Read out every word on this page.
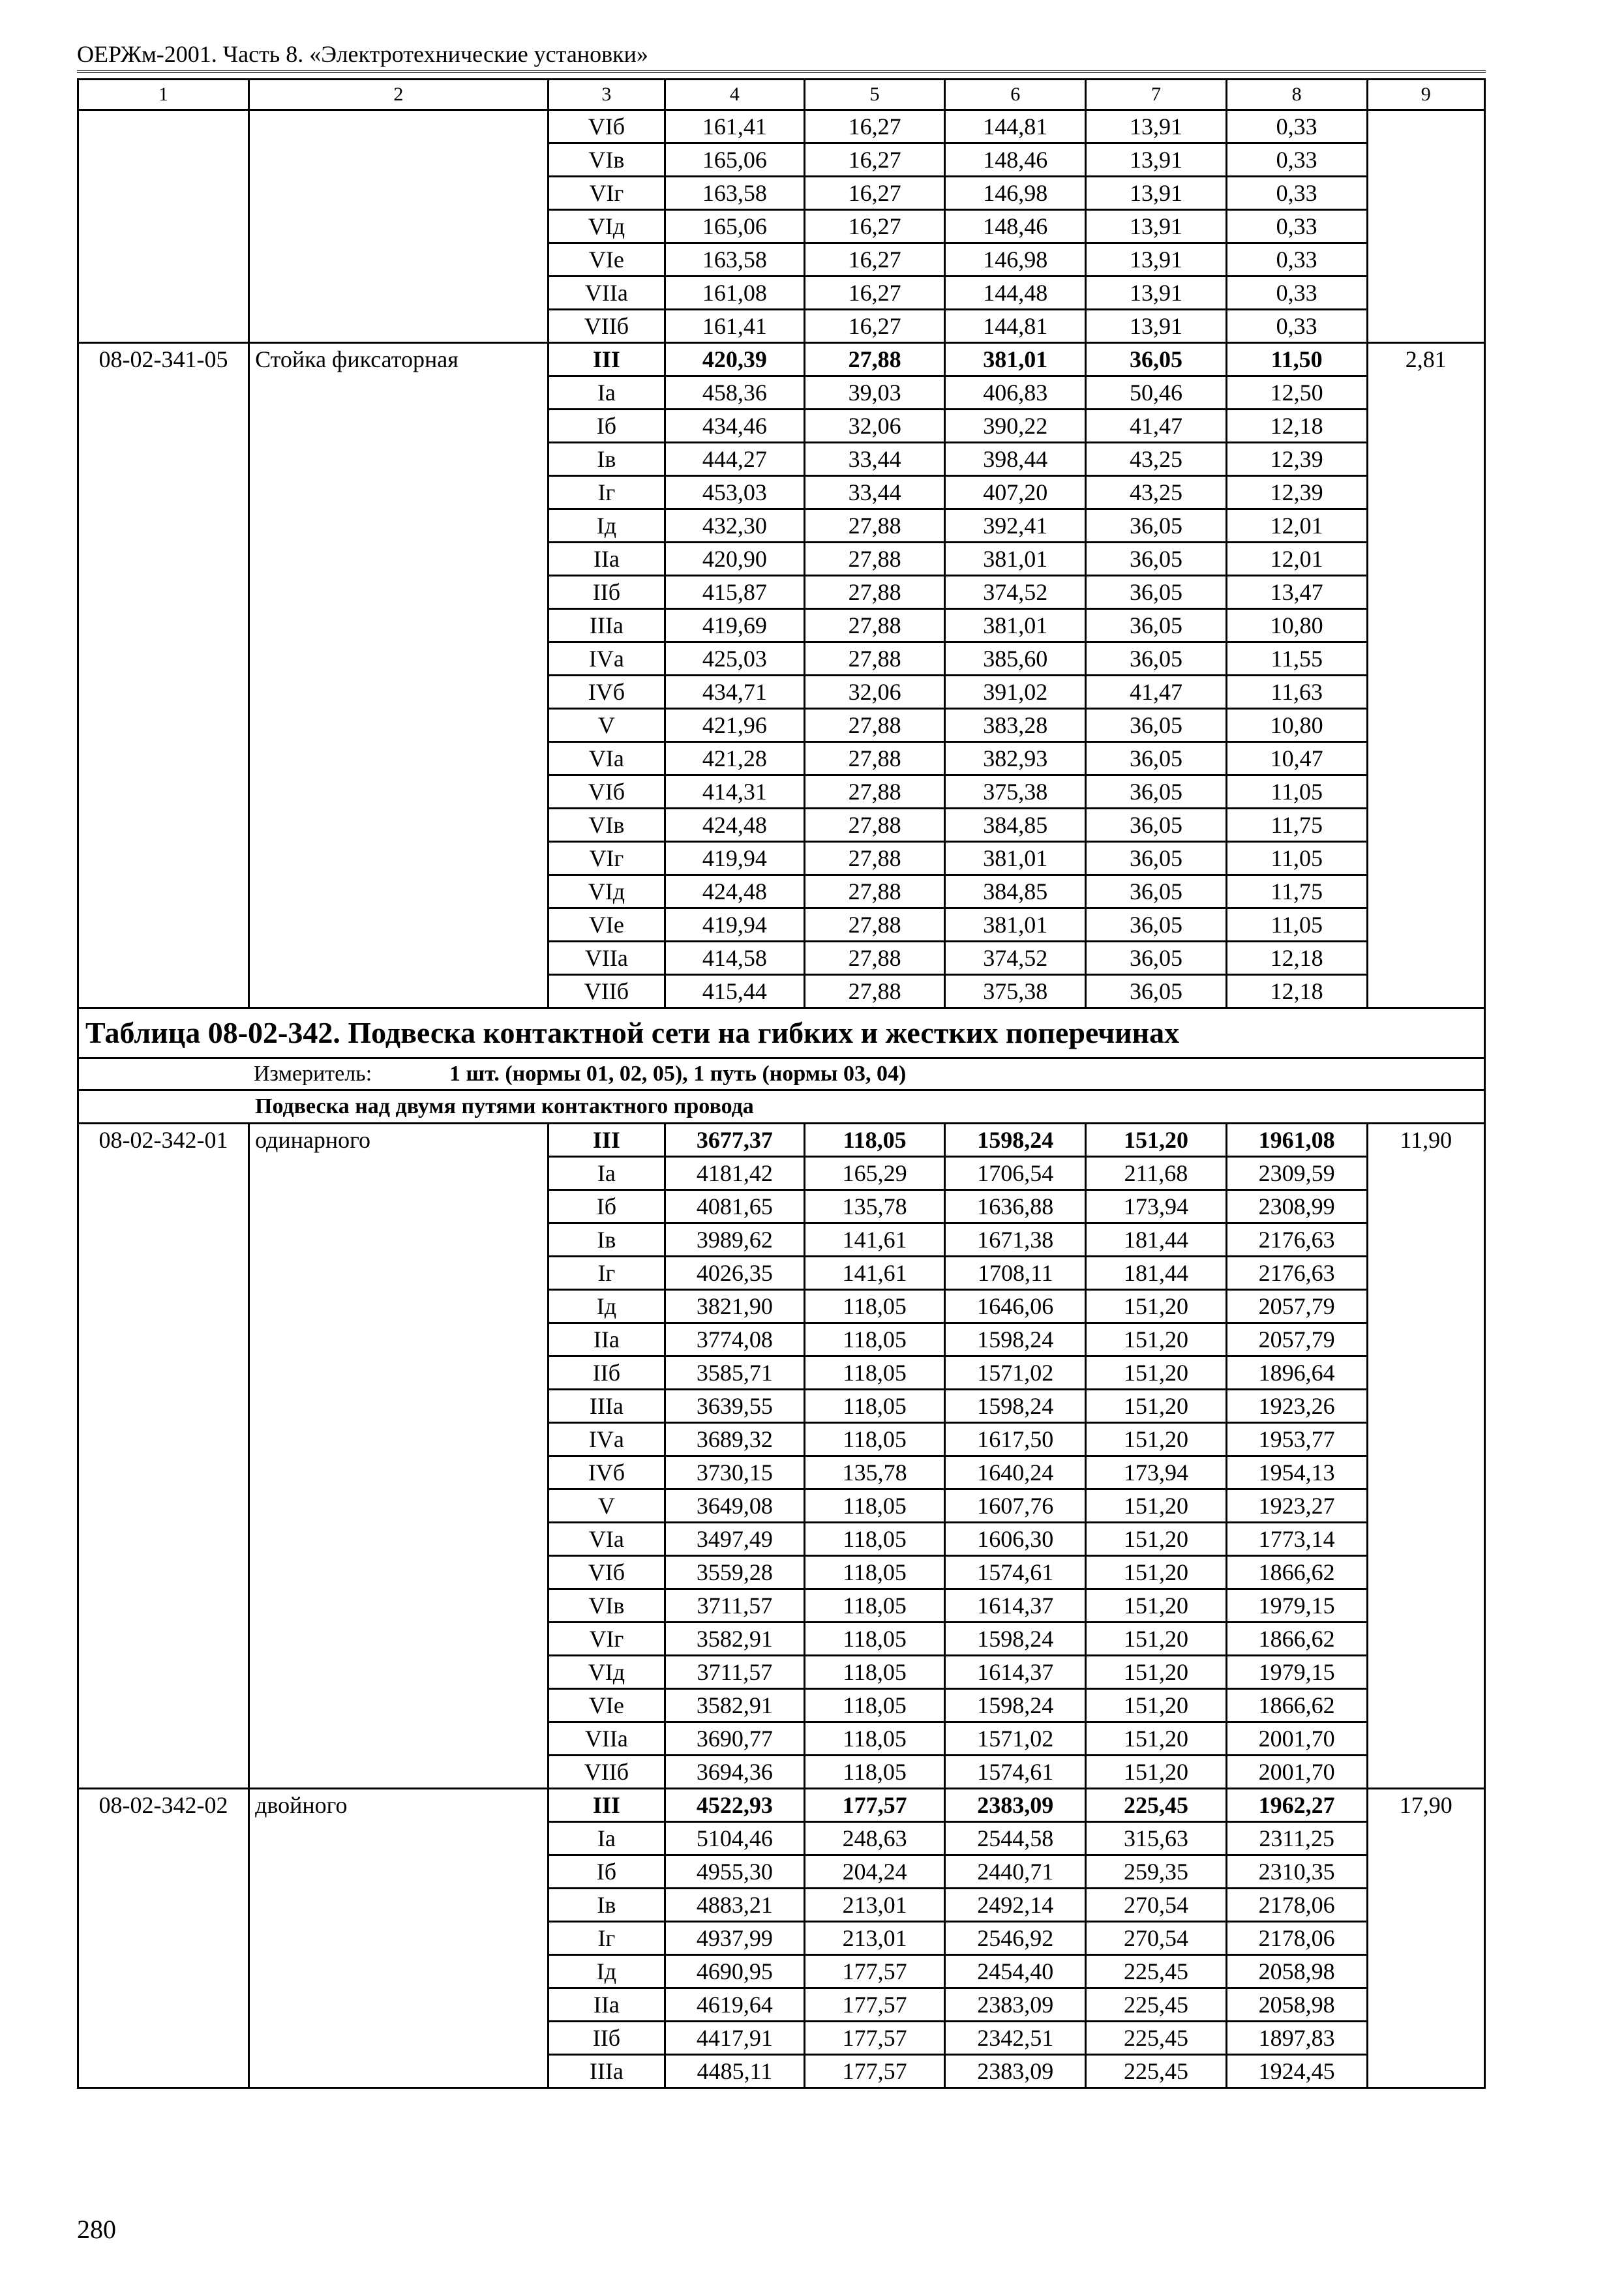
ОЕРЖм-2001. Часть 8. «Электротехнические установки»
1	2	3	4	5	6	7	8	9
		VIб	161,41	16,27	144,81	13,91	0,33	
		VIв	165,06	16,27	148,46	13,91	0,33	
		VIг	163,58	16,27	146,98	13,91	0,33	
		VIд	165,06	16,27	148,46	13,91	0,33	
		VIе	163,58	16,27	146,98	13,91	0,33	
		VIIа	161,08	16,27	144,48	13,91	0,33	
		VIIб	161,41	16,27	144,81	13,91	0,33	
08-02-341-05	Стойка фиксаторная	III	420,39	27,88	381,01	36,05	11,50	2,81
		Iа	458,36	39,03	406,83	50,46	12,50	
		Iб	434,46	32,06	390,22	41,47	12,18	
		Iв	444,27	33,44	398,44	43,25	12,39	
		Iг	453,03	33,44	407,20	43,25	12,39	
		Iд	432,30	27,88	392,41	36,05	12,01	
		IIа	420,90	27,88	381,01	36,05	12,01	
		IIб	415,87	27,88	374,52	36,05	13,47	
		IIIа	419,69	27,88	381,01	36,05	10,80	
		IVа	425,03	27,88	385,60	36,05	11,55	
		IVб	434,71	32,06	391,02	41,47	11,63	
		V	421,96	27,88	383,28	36,05	10,80	
		VIа	421,28	27,88	382,93	36,05	10,47	
		VIб	414,31	27,88	375,38	36,05	11,05	
		VIв	424,48	27,88	384,85	36,05	11,75	
		VIг	419,94	27,88	381,01	36,05	11,05	
		VIд	424,48	27,88	384,85	36,05	11,75	
		VIе	419,94	27,88	381,01	36,05	11,05	
		VIIа	414,58	27,88	374,52	36,05	12,18	
		VIIб	415,44	27,88	375,38	36,05	12,18	
Таблица 08-02-342. Подвеска контактной сети на гибких и жестких поперечинах								
Измеритель: 1 шт. (нормы 01, 02, 05), 1 путь (нормы 03, 04)								
Подвеска над двумя путями контактного провода								
08-02-342-01	одинарного	III	3677,37	118,05	1598,24	151,20	1961,08	11,90
		Iа	4181,42	165,29	1706,54	211,68	2309,59	
		Iб	4081,65	135,78	1636,88	173,94	2308,99	
		Iв	3989,62	141,61	1671,38	181,44	2176,63	
		Iг	4026,35	141,61	1708,11	181,44	2176,63	
		Iд	3821,90	118,05	1646,06	151,20	2057,79	
		IIа	3774,08	118,05	1598,24	151,20	2057,79	
		IIб	3585,71	118,05	1571,02	151,20	1896,64	
		IIIа	3639,55	118,05	1598,24	151,20	1923,26	
		IVа	3689,32	118,05	1617,50	151,20	1953,77	
		IVб	3730,15	135,78	1640,24	173,94	1954,13	
		V	3649,08	118,05	1607,76	151,20	1923,27	
		VIа	3497,49	118,05	1606,30	151,20	1773,14	
		VIб	3559,28	118,05	1574,61	151,20	1866,62	
		VIв	3711,57	118,05	1614,37	151,20	1979,15	
		VIг	3582,91	118,05	1598,24	151,20	1866,62	
		VIд	3711,57	118,05	1614,37	151,20	1979,15	
		VIе	3582,91	118,05	1598,24	151,20	1866,62	
		VIIа	3690,77	118,05	1571,02	151,20	2001,70	
		VIIб	3694,36	118,05	1574,61	151,20	2001,70	
08-02-342-02	двойного	III	4522,93	177,57	2383,09	225,45	1962,27	17,90
		Iа	5104,46	248,63	2544,58	315,63	2311,25	
		Iб	4955,30	204,24	2440,71	259,35	2310,35	
		Iв	4883,21	213,01	2492,14	270,54	2178,06	
		Iг	4937,99	213,01	2546,92	270,54	2178,06	
		Iд	4690,95	177,57	2454,40	225,45	2058,98	
		IIа	4619,64	177,57	2383,09	225,45	2058,98	
		IIб	4417,91	177,57	2342,51	225,45	1897,83	
		IIIа	4485,11	177,57	2383,09	225,45	1924,45	
280
